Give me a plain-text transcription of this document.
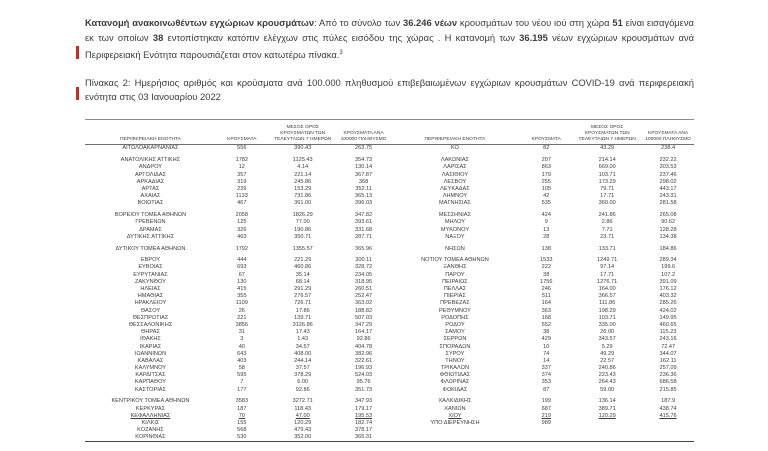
Κατανομή ανακοινωθέντων εγχώριων κρουσμάτων: Από το σύνολο των 36.246 νέων κρουσμάτων του νέου ιού στη χώρα 51 είναι εισαγόμενα εκ των οποίων 38 εντοπίστηκαν κατόπιν ελέγχων στις πύλες εισόδου της χώρας . Η κατανομή των 36.195 νέων εγχώριων κρουσμάτων ανά Περιφερειακή Ενότητα παρουσιάζεται στον κατωτέρω πίνακα.$^3$

Πίνακας 2: Ημερήσιος αριθμός και κρούσματα ανά 100.000 πληθυσμού επιβεβαιωμένων εγχώριων κρουσμάτων COVID-19 ανά περιφερειακή ενότητα στις 03 Ιανουαρίου 2022

ΠΕΡΙΦΕΡΕΙΑΚΗ ΕΝΟΤΗΤΑ	ΚΡΟΥΣΜΑΤΑ	ΜΕΣΟΣ ΟΡΟΣ ΚΡΟΥΣΜΑΤΩΝ ΤΩΝ ΤΕΛΕΥΤΑΙΩΝ 7 ΗΜΕΡΩΝ	ΚΡΟΥΣΜΑΤΑ ΑΝΑ 100000 ΠΛΗΘΥΣΜΟ	ΠΕΡΙΦΕΡΕΙΑΚΗ ΕΝΟΤΗΤΑ	ΚΡΟΥΣΜΑΤΑ	ΜΕΣΟΣ ΟΡΟΣ ΚΡΟΥΣΜΑΤΩΝ ΤΩΝ ΤΕΛΕΥΤΑΙΩΝ 7 ΗΜΕΡΩΝ	ΚΡΟΥΣΜΑΤΑ ΑΝΑ 100000 ΠΛΗΘΥΣΜΟ
ΑΙΤΩΛΟΑΚΑΡΝΑΝΙΑΣ	556	390.43	263.75	ΚΩ	82	43.29	238.4

ΑΝΑΤΟΛΙΚΗΣ ΑΤΤΙΚΗΣ	1782	1125.43	354.73	ΛΑΚΩΝΙΑΣ	207	214.14	232.22
ΑΝΔΡΟΥ	12	4.14	130.14	ΛΑΡΙΣΑΣ	863	669.00	303.53
ΑΡΓΟΛΙΔΑΣ	357	221.14	367.87	ΛΑΣΙΘΙΟΥ	179	103.71	237.46
ΑΡΚΑΔΙΑΣ	319	245.86	368	ΛΕΣΒΟΥ	255	173.29	298.02
ΑΡΤΑΣ	239	153.29	352.11	ΛΕΥΚΑΔΑΣ	105	79.71	443.17
ΑΧΑΪΑΣ	1133	731.86	365.13	ΛΗΜΝΟΥ	42	17.71	243.31
ΒΟΙΩΤΙΑΣ	467	361.00	396.03	ΜΑΓΝΗΣΙΑΣ	535	360.00	281.58

ΒΟΡΕΙΟΥ ΤΟΜΕΑ ΑΘΗΝΩΝ	2058	1826.29	347.82	ΜΕΣΣΗΝΙΑΣ	424	241.86	265.08
ΓΡΕΒΕΝΩΝ	125	77.00	393.61	ΜΗΛΟΥ	9	2.86	90.62
ΔΡΑΜΑΣ	326	190.86	331.68	ΜΥΚΟΝΟΥ	13	7.71	128.28
ΔΥΤΙΚΗΣ ΑΤΤΙΚΗΣ	463	350.71	287.71	ΝΑΞΟΥ	28	23.71	134.38

ΔΥΤΙΚΟΥ ΤΟΜΕΑ ΑΘΗΝΩΝ	1792	1355.57	365.96	ΝΗΣΩΝ	138	133.71	184.86

ΕΒΡΟΥ	444	221.29	300.11	ΝΟΤΙΟΥ ΤΟΜΕΑ ΑΘΗΝΩΝ	1533	1249.71	289.34
ΕΥΒΟΙΑΣ	693	460.86	328.72	ΞΑΝΘΗΣ	222	97.14	199.6
ΕΥΡΥΤΑΝΙΑΣ	67	35.14	234.05	ΠΑΡΟΥ	38	17.71	107.2
ΖΑΚΥΝΘΟΥ	130	68.14	318.95	ΠΕΙΡΑΙΩΣ	1756	1276.71	391.09
ΗΛΕΙΑΣ	415	291.29	260.51	ΠΕΛΛΑΣ	246	164.00	176.12
ΗΜΑΘΙΑΣ	355	276.57	252.47	ΠΙΕΡΙΑΣ	511	366.57	403.32
ΗΡΑΚΛΕΙΟΥ	1109	726.71	363.02	ΠΡΕΒΕΖΑΣ	164	111.86	285.26
ΘΑΣΟΥ	26	17.86	188.82	ΡΕΘΥΜΝΟΥ	363	198.29	424.02
ΘΕΣΠΡΩΤΙΑΣ	221	139.71	507.03	ΡΟΔΟΠΗΣ	168	103.71	149.95
ΘΕΣΣΑΛΟΝΙΚΗΣ	3856	3126.86	347.29	ΡΟΔΟΥ	552	335.00	460.65
ΘΗΡΑΣ	31	17.43	164.17	ΣΑΜΟΥ	38	26.00	115.23
ΙΘΑΚΗΣ	3	1.43	92.86	ΣΕΡΡΩΝ	429	343.57	243.16
ΙΚΑΡΙΑΣ	40	34.57	404.78	ΣΠΟΡΑΔΩΝ	10	5.29	72.47
ΙΩΑΝΝΙΝΩΝ	643	408.00	382.96	ΣΥΡΟΥ	74	49.29	344.07
ΚΑΒΑΛΑΣ	403	244.14	322.61	ΤΗΝΟΥ	14	22.57	162.11
ΚΑΛΥΜΝΟΥ	58	37.57	196.93	ΤΡΙΚΑΛΩΝ	337	240.86	257.09
ΚΑΡΔΙΤΣΑΣ	595	378.29	524.03	ΦΘΙΩΤΙΔΑΣ	374	223.43	236.36
ΚΑΡΠΑΘΟΥ	7	6.00	95.76	ΦΛΩΡΙΝΑΣ	353	264.43	686.58
ΚΑΣΤΟΡΙΑΣ	177	92.86	351.73	ΦΩΚΙΔΑΣ	87	59.00	215.85

ΚΕΝΤΡΙΚΟΥ ΤΟΜΕΑ ΑΘΗΝΩΝ	3583	3272.71	347.93	ΧΑΛΚΙΔΙΚΗΣ	199	136.14	187.9
ΚΕΡΚΥΡΑΣ	187	118.43	179.17	ΧΑΝΙΩΝ	687	389.71	438.74
ΚΕΦΑΛΛΗΝΙΑΣ	70	47.00	195.53	ΧΙΟΥ	219	120.29	415.76
ΚΙΛΚΙΣ	155	120.29	182.74	ΥΠΟ ΔΙΕΡΕΥΝΗΣΗ	989		
ΚΟΖΑΝΗΣ	568	479.43	378.17				
ΚΟΡΙΝΘΙΑΣ	530	352.00	365.31				
